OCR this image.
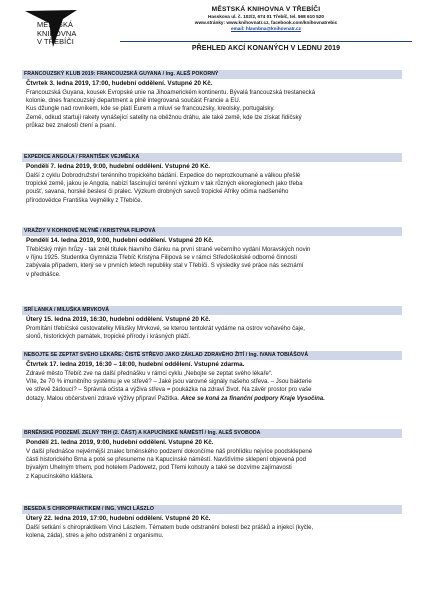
MĚSTSKÁ
KNIHOVNA
V TŘEBÍČI
MĚSTSKÁ KNIHOVNA V TŘEBÍČI
Hasskova ul. č. 102/2, 674 01 Třebíč, tel. 568 610 520
www.stránky: www.knihovnatr.cz, facebook.com/knihovnatrebic
email: hlavnbna@knihovnatr.cz
PŘEHLED AKCÍ KONANÝCH V LEDNU 2019
FRANCOUZSKÝ KLUB 2019: FRANCOUZSKÁ GUYANA / Ing. ALEŠ POKORNÝ
Čtvrtek 3. ledna 2019, 17:00, hudební oddělení. Vstupné 20 Kč.
Francouzská Guyana, kousek Evropské unie na Jihoamerickém kontinentu. Bývalá francouzská trestanecká
kolonie, dnes francouzský department a plně integrovaná součást Francie a EU.
Kus džungle nad rovníkem, kde se platí Eurem a mluví se francouzsky, kreolsky, portugalsky.
Země, odkud startují rakety vynášející satelity na oběžnou dráhu, ale také země, kde lze získat řidičský
průkaz bez znalostí čtení a psaní.
EXPEDICE ANGOLA / FRANTIŠEK VEJMĚLKA
Pondělí 7. ledna 2019, 9:00, hudební oddělení. Vstupné 20 Kč.
Další z cyklu Dobrodružství terénního tropického bádání. Expedice do neprozkoumané a válkou přešlé
tropické země, jakou je Angola, nabízí fascinující terénní výzkum v tak různých ekoregionech jako třeba
poušť, savana, horské beslesí či praleс. Výzkum drobných savců tropické Afriky očima nadšeného
přírodovědce Františka Vejmělky z Třebíče.
VRAŽDY V KOHNOVĚ MLÝNĚ / KRISTÝNA FILIPOVÁ
Pondělí 14. ledna 2019, 9:00, hudební oddělení. Vstupné 20 Kč.
Třebíčský mlýn hrůzy - tak zněl titulek hlavního článku na první straně večerního vydání Moravských novin
v říjnu 1925. Studentka Gymnázia Třebíč Kristýna Filipová se v rámci Středoškolské odborné činnosti
zabývala případem, který se v prvních letech republiky stal v Třebíči. S výsledky své práce nás seznámí
v přednášce.
SRÍ LANKA / MILUŠKA MRVKOVÁ
Úterý 15. ledna 2019, 16:30, hudební oddělení. Vstupné 20 Kč.
Promítání třebíčské cestovatelky Milušky Mrvkové, se kterou tentokrát vydáme na ostrov voňavého čaje,
slonů, historických památek, tropické přírody i krásných pláží.
NEBOJTE SE ZEPTAT SVÉHO LÉKAŘE: ČISTÉ STŘEVO JAKO ZÁKLAD ZDRAVÉHO ŽITÍ / Ing. IVANA TOBIÁŠOVÁ
Čtvrtek 17. ledna 2019, 16:30 – 18:00, hudební oddělení. Vstupné zdarma.
Zdravé město Třebíč zve na další přednášku v rámci cyklu „Nebojte se zeptat svého lékaře“.
Víte, že 70 % imunitního systému je ve střevě? – Jaké jsou varovné signály našeho střeva. – Jsou bakterie
ve střevě žádoucí? – Správná očista a výživa střeva = poukázka na zdraví život. Na závěr prostor pro vaše
dotazy. Malou občerstvení zdravé výživy připraví Pažitka. Akce se koná za finanční podpory Kraje Vysočina.
BRNĚNSKÉ PODZEMÍ. ZELNÝ TRH (2. ČÁST) A KAPUCÍNSKÉ NÁMĚSTÍ / Ing. ALEŠ SVOBODA
Pondělí 21. ledna 2019, 9:00, hudební oddělení. Vstupné 20 Kč.
V další přednášce nejvěrnější znalec brněnského podzemí dokončíme náš prohlídku nejvíce poodsklepené
části historického Brna a poté se přesuneme na Kapucínské náměstí. Navštívíme sklepení objevená pod
bývalým Uhelným trhem, pod hotelem Padowetz, pod Třemi kohouty a také se dozvíme zajímavosti
z Kapucínského kláštera.
BESEDA S CHIROPRAKTIKEM / ING. VINCI LÁSZLO
Úterý 22. ledna 2019, 17:00, hudební oddělení. Vstupné 20 Kč.
Další setkání s chiropraktikem Vinci Lászlem. Tématem bude odstranění bolesti bez prášků a injekcí (kyčle,
kolena, záda), stres a jeho odstranění z organismu.
